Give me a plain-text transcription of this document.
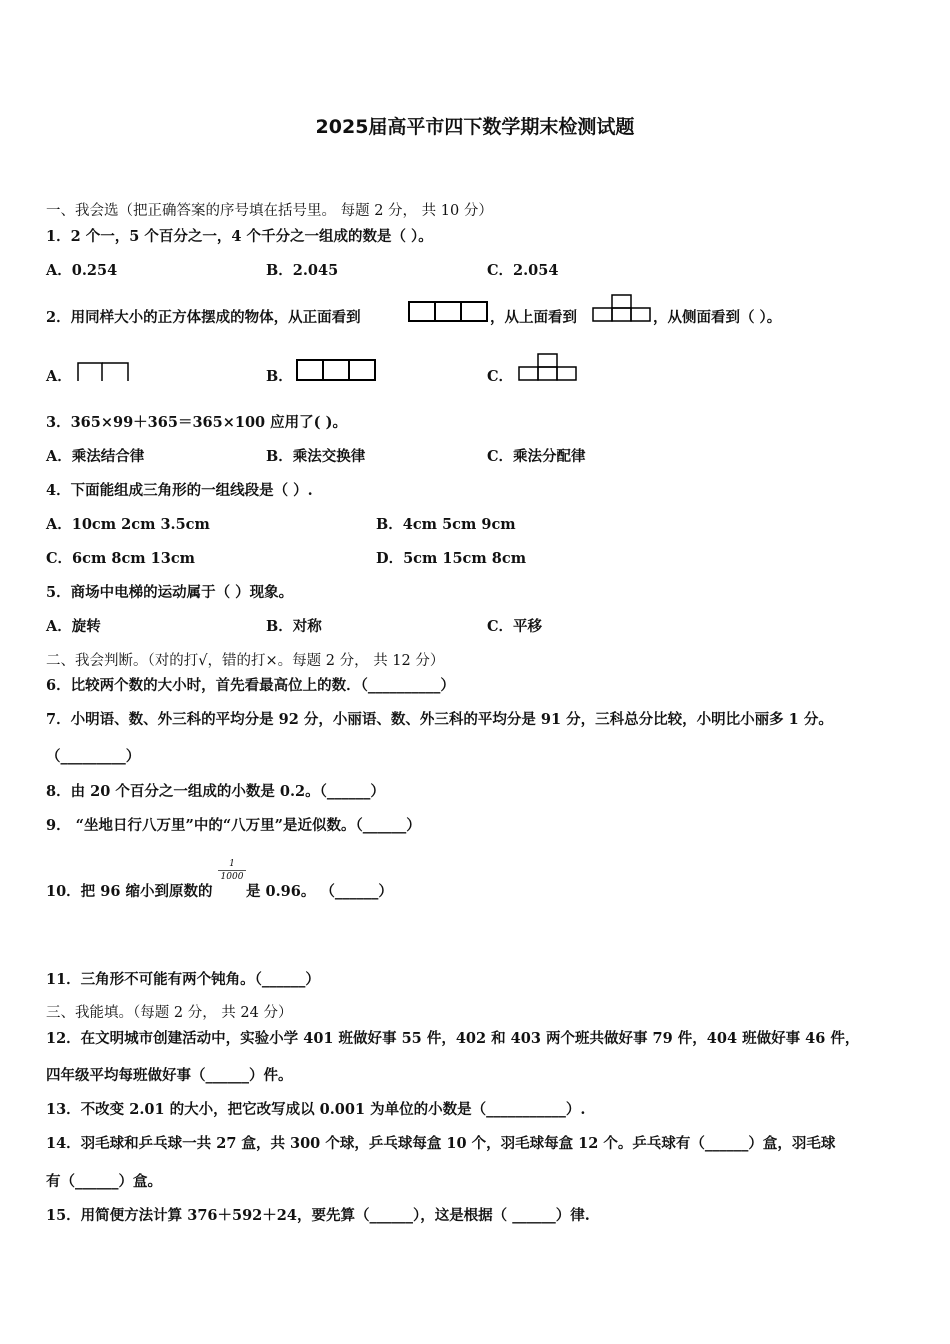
2025届高平市四下数学期末检测试题
一、我会选（把正确答案的序号填在括号里。 每题 2 分， 共 10 分）
1．2 个一，5 个百分之一，4 个千分之一组成的数是（ ）。
A．0.254	B．2.045	C．2.054
2．用同样大小的正方体摆成的物体，从正面看到	，从上面看到	，从侧面看到（ ）。
A．	B．	C．
3．365×99＋365＝365×100 应用了( )。
A．乘法结合律	B．乘法交换律	C．乘法分配律
4．下面能组成三角形的一组线段是（ ）.
A．10cm 2cm 3.5cm	B．4cm 5cm 9cm
C．6cm 8cm 13cm	D．5cm 15cm 8cm
5．商场中电梯的运动属于（ ）现象。
A．旋转	B．对称	C．平移
二、我会判断。（对的打√，错的打×。每题 2 分， 共 12 分）
6．比较两个数的大小时，首先看最高位上的数．（__________）
7．小明语、数、外三科的平均分是 92 分，小丽语、数、外三科的平均分是 91 分，三科总分比较，小明比小丽多 1 分。
（_________）
8．由 20 个百分之一组成的小数是 0.2。（______）
9． “坐地日行八万里”中的“八万里”是近似数。（______）
10．把 96 缩小到原数的
$\frac{1}{1000}$
是 0.96。 （______）
11．三角形不可能有两个钝角。（______）
三、我能填。（每题 2 分， 共 24 分）
12．在文明城市创建活动中，实验小学 401 班做好事 55 件，402 和 403 两个班共做好事 79 件，404 班做好事 46 件，
四年级平均每班做好事（______）件。
13．不改变 2.01 的大小，把它改写成以 0.001 为单位的小数是（___________）.
14．羽毛球和乒乓球一共 27 盒，共 300 个球，乒乓球每盒 10 个，羽毛球每盒 12 个。乒乓球有（______）盒，羽毛球
有（______）盒。
15．用简便方法计算 376＋592＋24，要先算（______），这是根据（ ______）律.
